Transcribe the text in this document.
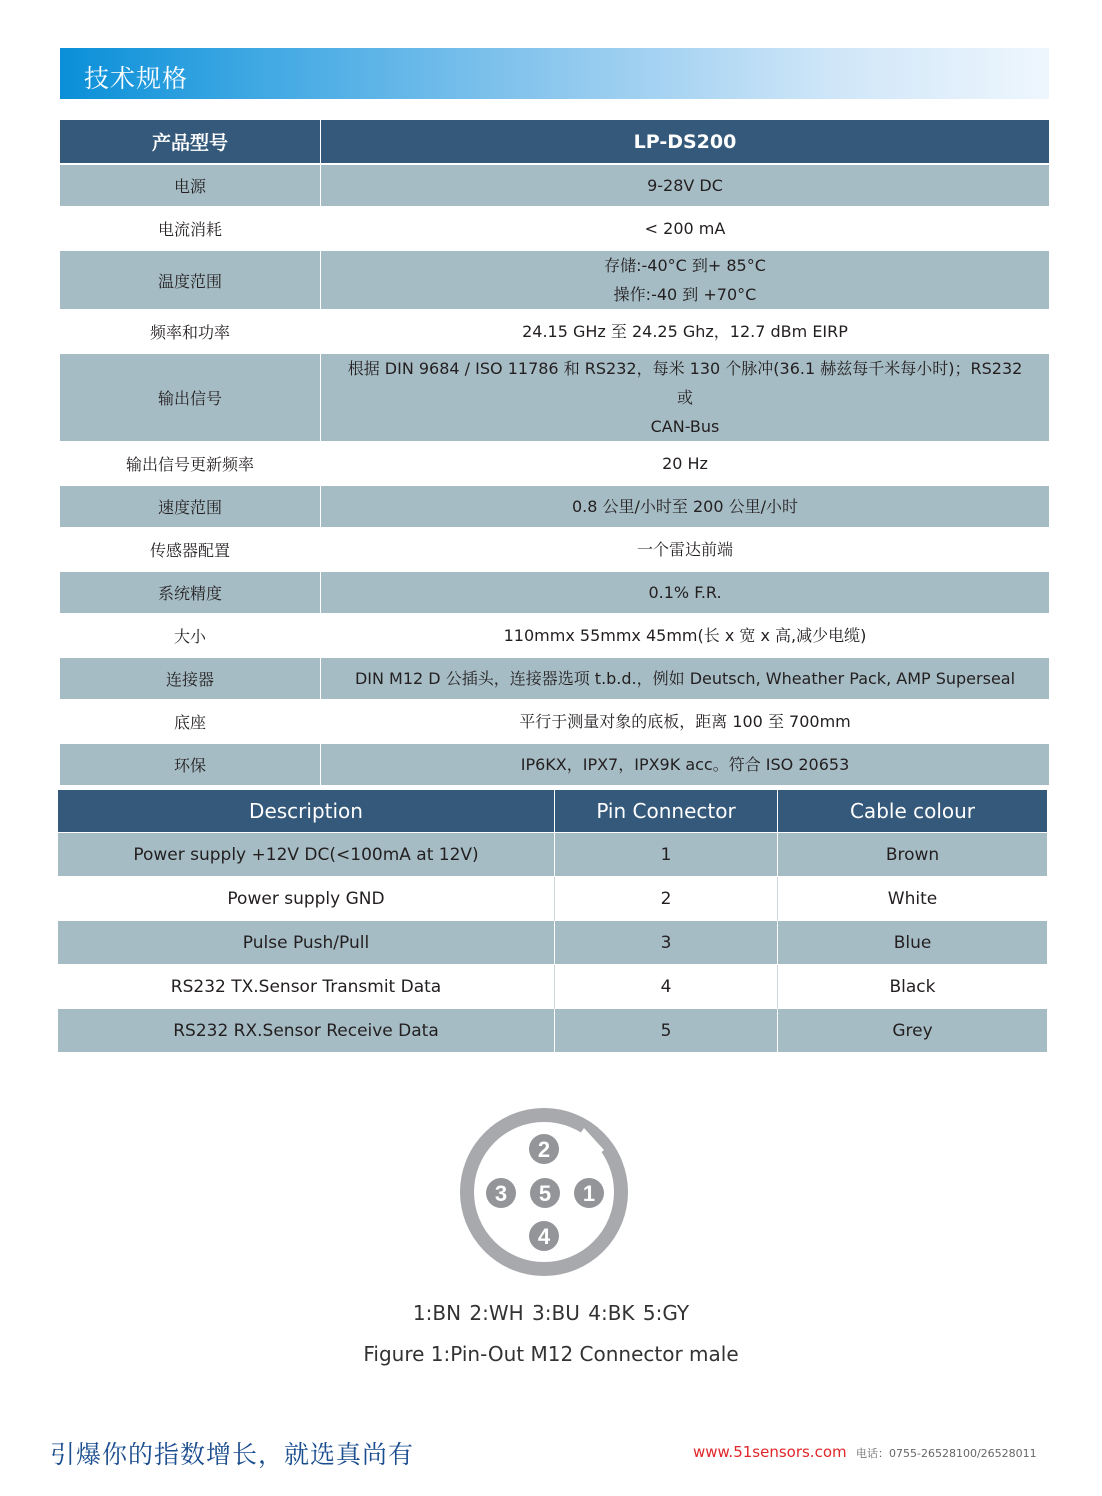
技术规格
产品型号	LP-DS200
电源	9-28V DC

电流消耗	< 200 mA

温度范围	存储:-40°C 到+ 85°C
操作:-40 到 +70°C

频率和功率	24.15 GHz 至 24.25 Ghz，12.7 dBm EIRP

输出信号	根据 DIN 9684 / ISO 11786 和 RS232，每米 130 个脉冲(36.1 赫兹每千米每小时)；RS232 或
CAN-Bus

输出信号更新频率	20 Hz

速度范围	0.8 公里/小时至 200 公里/小时

传感器配置	一个雷达前端

系统精度	0.1% F.R.

大小	110mmx 55mmx 45mm(长 x 宽 x 高,减少电缆)

连接器	DIN M12 D 公插头，连接器选项 t.b.d.，例如 Deutsch, Wheather Pack, AMP Superseal

底座	平行于测量对象的底板，距离 100 至 700mm

环保	IP6KX，IPX7，IPX9K acc。符合 ISO 20653
Description	Pin Connector	Cable colour
Power supply +12V DC(<100mA at 12V)	1	Brown
Power supply GND	2	White
Pulse Push/Pull	3	Blue
RS232 TX.Sensor Transmit Data	4	Black
RS232 RX.Sensor Receive Data	5	Grey
2
3 5 1
4
1:BN 2:WH 3:BU 4:BK 5:GY
Figure 1:Pin-Out M12 Connector male
引爆你的指数增长，就选真尚有	www.51sensors.com 电话：0755-26528100/26528011
